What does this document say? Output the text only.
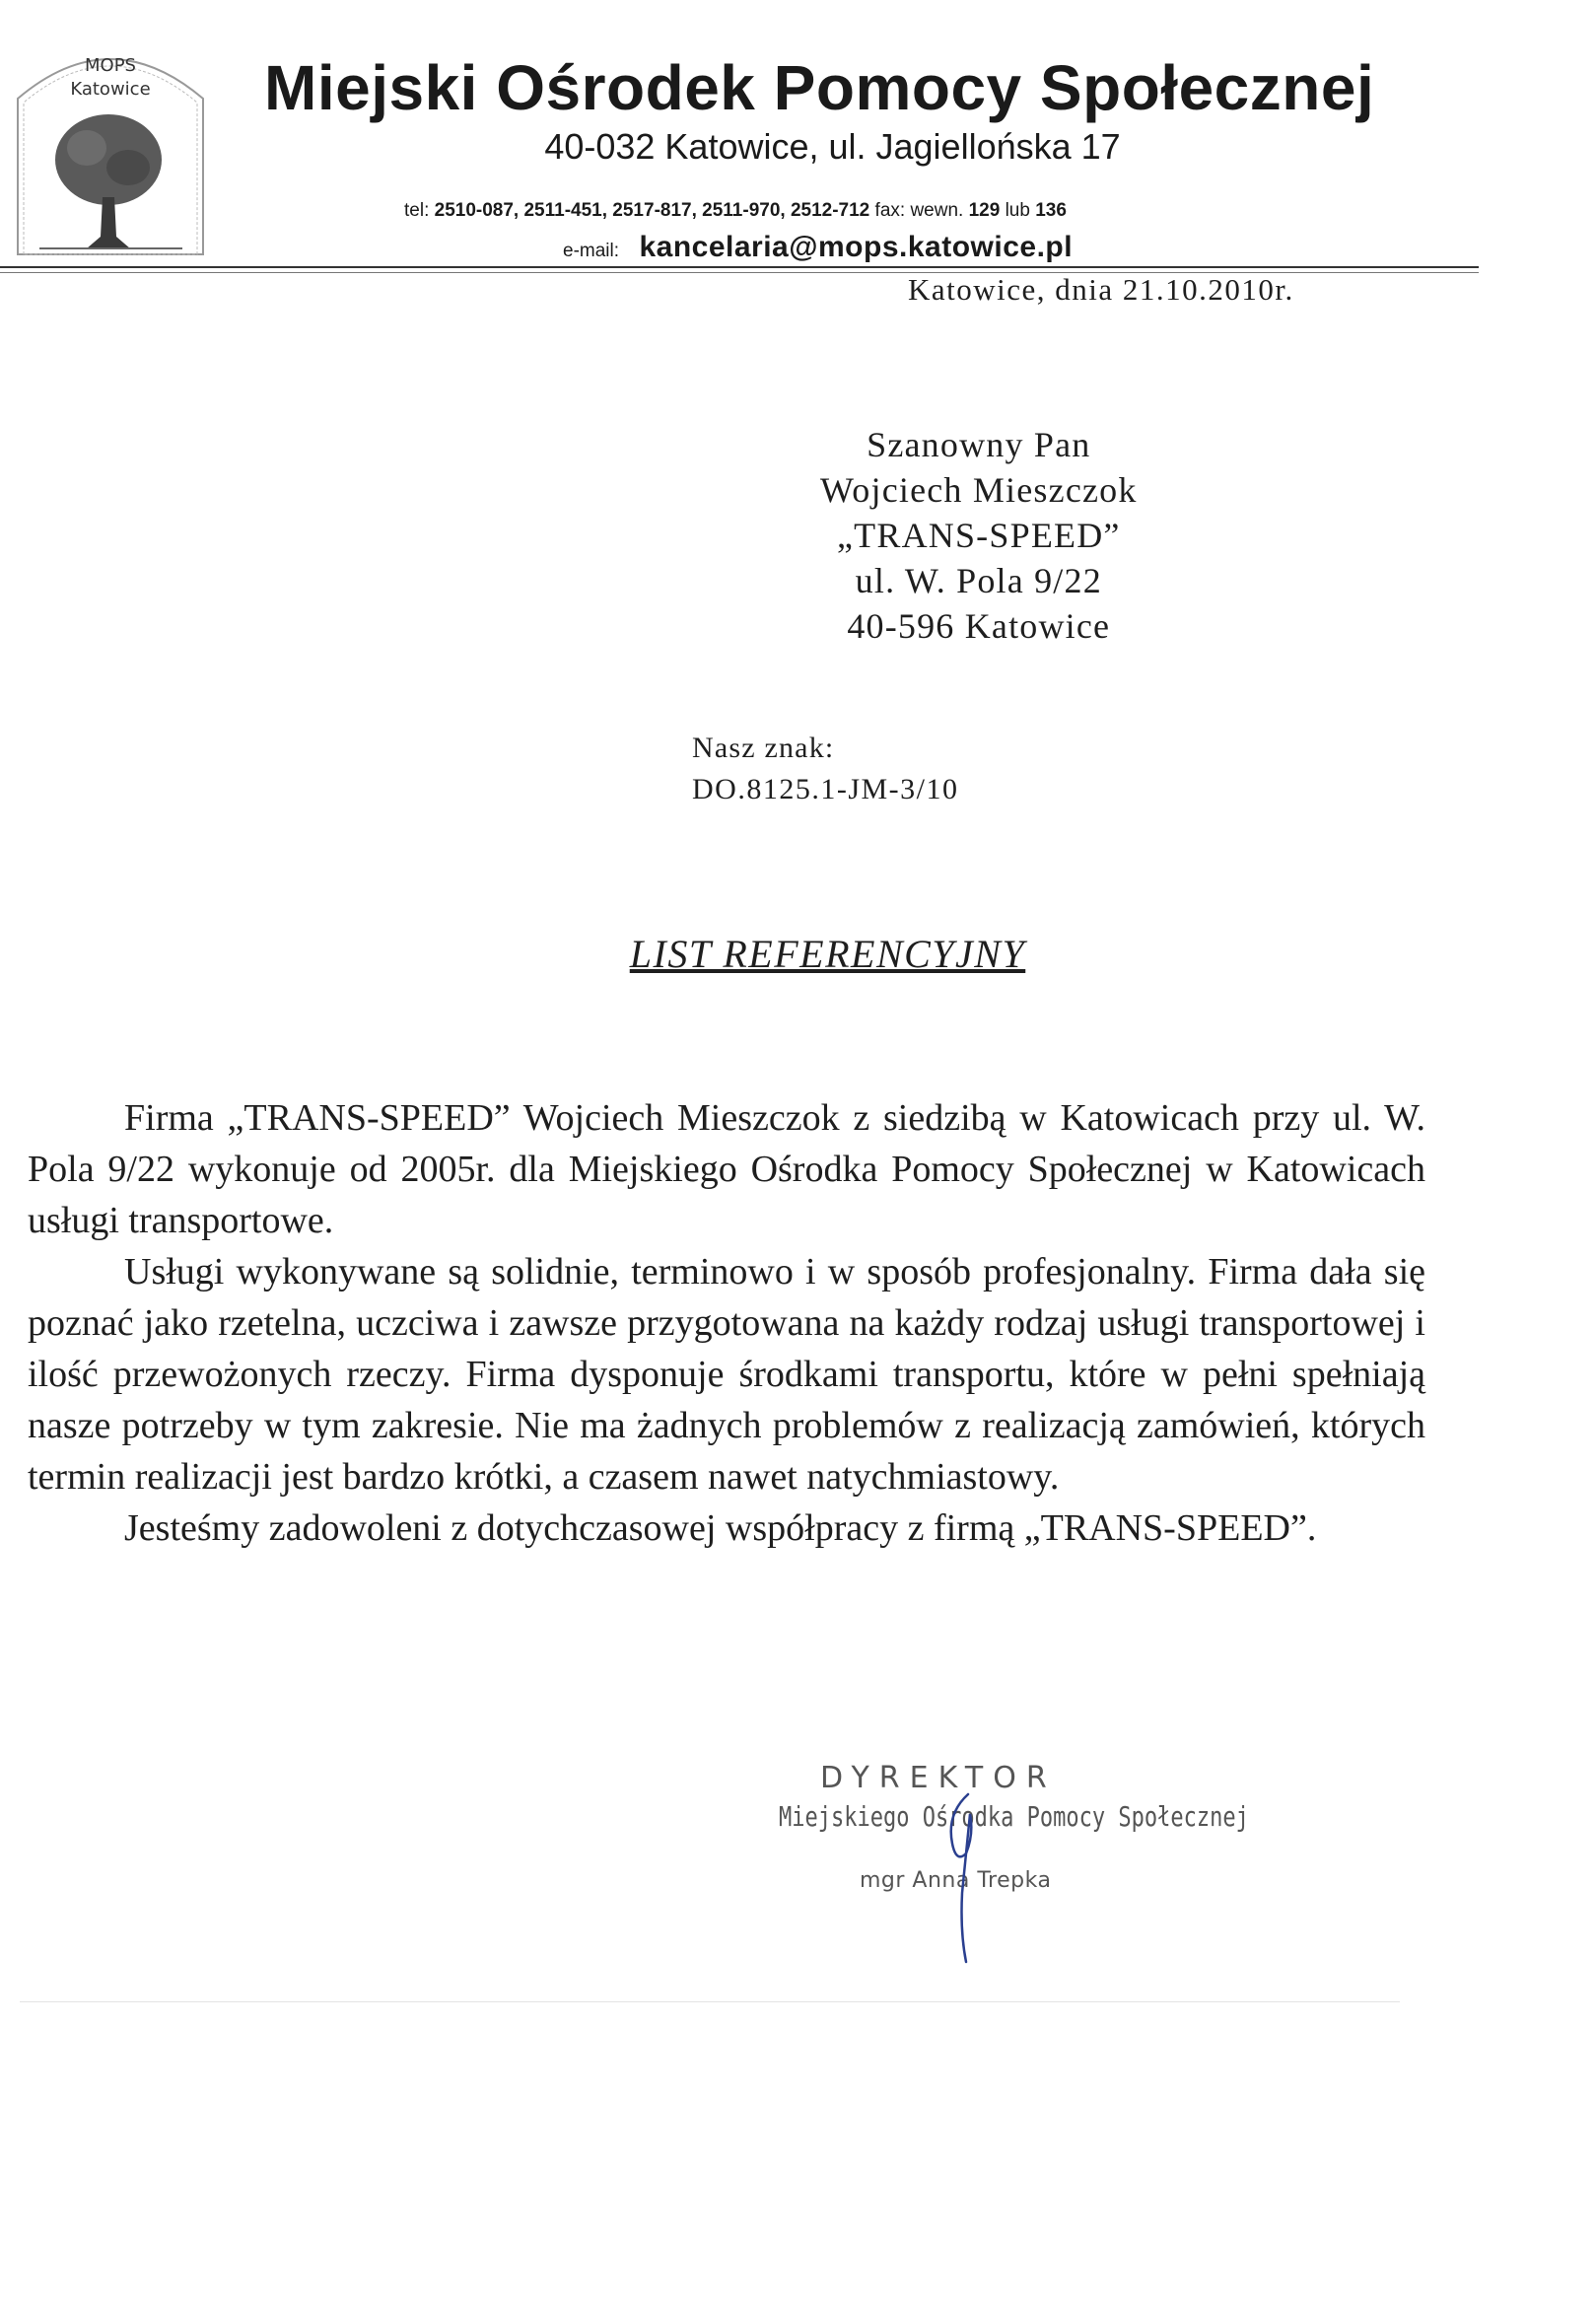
MOPS
Katowice Miejski Ośrodek Pomocy Społecznej
40-032 Katowice, ul. Jagiellońska 17
tel: 2510-087, 2511-451, 2517-817, 2511-970, 2512-712 fax: wewn. 129 lub 136
e-mail: kancelaria@mops.katowice.pl
Katowice, dnia 21.10.2010r.
Szanowny Pan
Wojciech Mieszczok
„TRANS-SPEED”
ul. W. Pola 9/22
40-596 Katowice
Nasz znak:
DO.8125.1-JM-3/10
LIST REFERENCYJNY

Firma „TRANS-SPEED” Wojciech Mieszczok z siedzibą w Katowicach przy ul. W. Pola 9/22 wykonuje od 2005r. dla Miejskiego Ośrodka Pomocy Społecznej w Katowicach usługi transportowe.

Usługi wykonywane są solidnie, terminowo i w sposób profesjonalny. Firma dała się poznać jako rzetelna, uczciwa i zawsze przygotowana na każdy rodzaj usługi transportowej i ilość przewożonych rzeczy. Firma dysponuje środkami transportu, które w pełni spełniają nasze potrzeby w tym zakresie. Nie ma żadnych problemów z realizacją zamówień, których termin realizacji jest bardzo krótki, a czasem nawet natychmiastowy.

Jesteśmy zadowoleni z dotychczasowej współpracy z firmą „TRANS-SPEED”.

DYREKTOR
Miejskiego Ośrodka Pomocy Społecznej
mgr Anna Trepka
